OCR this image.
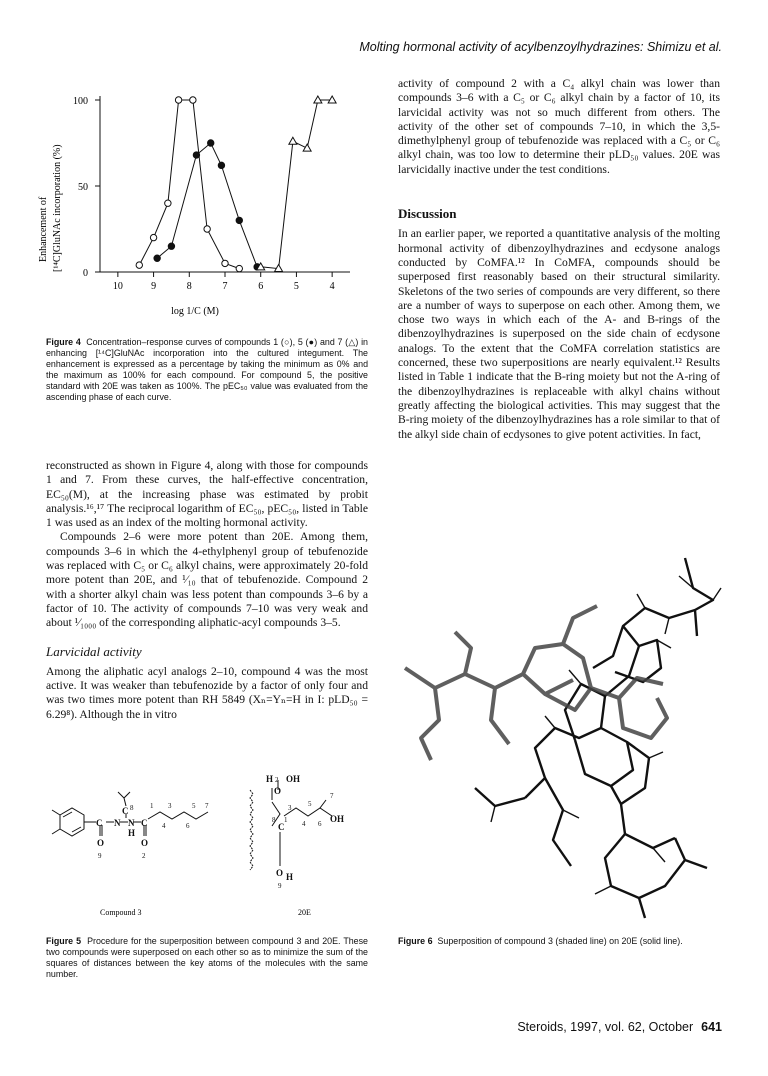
Molting hormonal activity of acylbenzoylhydrazines: Shimizu et al.
Enhancement of [¹⁴C]GluNAc incorporation (%)
10	9	8	7	6	5	4
0
50
100
log 1/C (M)
Figure 4 Concentration–response curves of compounds 1 (○), 5 (●) and 7 (△) in enhancing [¹⁴C]GluNAc incorporation into the cultured integument. The enhancement is expressed as a percentage by taking the minimum as 0% and the maximum as 100% for each compound. For compound 5, the positive standard with 20E was taken as 100%. The pEC₅₀ value was evaluated from the ascending phase of each curve.

reconstructed as shown in Figure 4, along with those for compounds 1 and 7. From these curves, the half-effective concentration, EC₅₀(M), at the increasing phase was estimated by probit analysis.¹⁶,¹⁷ The reciprocal logarithm of EC₅₀, pEC₅₀, listed in Table 1 was used as an index of the molting hormonal activity.

Compounds 2–6 were more potent than 20E. Among them, compounds 3–6 in which the 4-ethylphenyl group of tebufenozide was replaced with C₅ or C₆ alkyl chains, were approximately 20-fold more potent than 20E, and ¹⁄₁₀ that of tebufenozide. Compound 2 with a shorter alkyl chain was less potent than compounds 3–6 by a factor of 10. The activity of compounds 7–10 was very weak and about ¹⁄₁₀₀₀ of the corresponding aliphatic-acyl compounds 3–5.

Larvicidal activity

Among the aliphatic acyl analogs 2–10, compound 4 was the most active. It was weaker than tebufenozide by a factor of only four and was two times more potent than RH 5849 (Xₙ=Yₙ=H in I: pLD₅₀ = 6.29⁸). Although the in vitro

activity of compound 2 with a C₄ alkyl chain was lower than compounds 3–6 with a C₅ or C₆ alkyl chain by a factor of 10, its larvicidal activity was not so much different from others. The activity of the other set of compounds 7–10, in which the 3,5-dimethylphenyl group of tebufenozide was replaced with a C₅ or C₆ alkyl chain, was too low to determine their pLD₅₀ values. 20E was larvicidally inactive under the test conditions.

Discussion

In an earlier paper, we reported a quantitative analysis of the molting hormonal activity of dibenzoylhydrazines and ecdysone analogs conducted by CoMFA.¹² In CoMFA, compounds should be superposed first reasonably based on their structural similarity. Skeletons of the two series of compounds are very different, so there are a number of ways to superpose on each other. Among them, we chose two ways in which each of the A- and B-rings of the dibenzoylhydrazines is superposed on the side chain of ecdysone analogs. To the extent that the CoMFA correlation statistics are concerned, these two superpositions are nearly equivalent.¹² Results listed in Table 1 indicate that the B-ring moiety but not the A-ring of the dibenzoylhydrazines is replaceable with alkyl chains without greatly affecting the biological activities. This may suggest that the B-ring moiety of the dibenzoylhydrazines has a role similar to that of the alkyl side chain of ecdysones to give potent activities. In fact,

C N N
C
C
O	O
H
8 1 3
4
5
6
7
9	2
Compound 3
H OH
O
C
OH
O H
2
8 1
3
4
5
6
7
9
20E
Figure 5 Procedure for the superposition between compound 3 and 20E. These two compounds were superposed on each other so as to minimize the sum of the squares of distances between the key atoms of the molecules with the same number.
Figure 6 Superposition of compound 3 (shaded line) on 20E (solid line).
Steroids, 1997, vol. 62, October 641
